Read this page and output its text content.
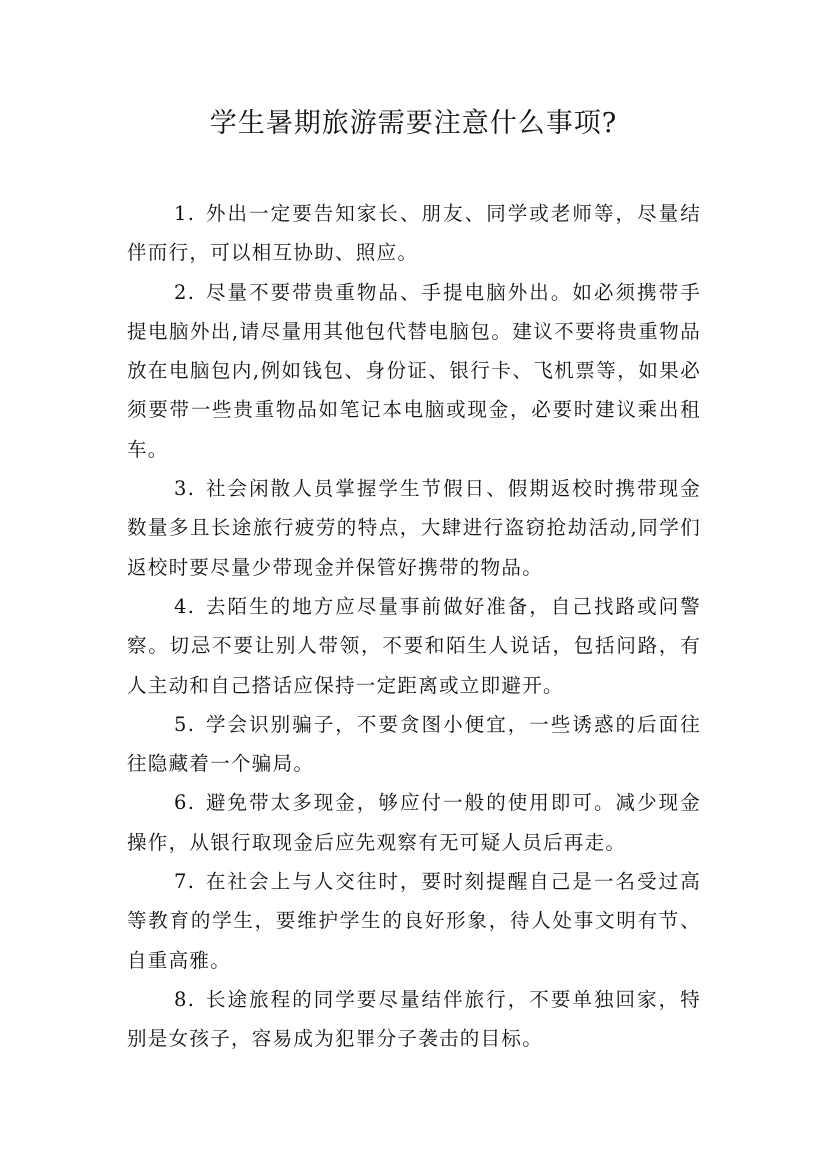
学生暑期旅游需要注意什么事项?

1. 外出一定要告知家长、朋友、同学或老师等，尽量结伴而行，可以相互协助、照应。

2. 尽量不要带贵重物品、手提电脑外出。如必须携带手提电脑外出,请尽量用其他包代替电脑包。建议不要将贵重物品放在电脑包内,例如钱包、身份证、银行卡、飞机票等，如果必须要带一些贵重物品如笔记本电脑或现金，必要时建议乘出租车。

3. 社会闲散人员掌握学生节假日、假期返校时携带现金数量多且长途旅行疲劳的特点，大肆进行盗窃抢劫活动,同学们返校时要尽量少带现金并保管好携带的物品。

4. 去陌生的地方应尽量事前做好准备，自己找路或问警察。切忌不要让别人带领，不要和陌生人说话，包括问路，有人主动和自己搭话应保持一定距离或立即避开。

5. 学会识别骗子，不要贪图小便宜，一些诱惑的后面往往隐藏着一个骗局。

6. 避免带太多现金，够应付一般的使用即可。减少现金操作，从银行取现金后应先观察有无可疑人员后再走。

7. 在社会上与人交往时，要时刻提醒自己是一名受过高等教育的学生，要维护学生的良好形象，待人处事文明有节、自重高雅。

8. 长途旅程的同学要尽量结伴旅行，不要单独回家，特别是女孩子，容易成为犯罪分子袭击的目标。
